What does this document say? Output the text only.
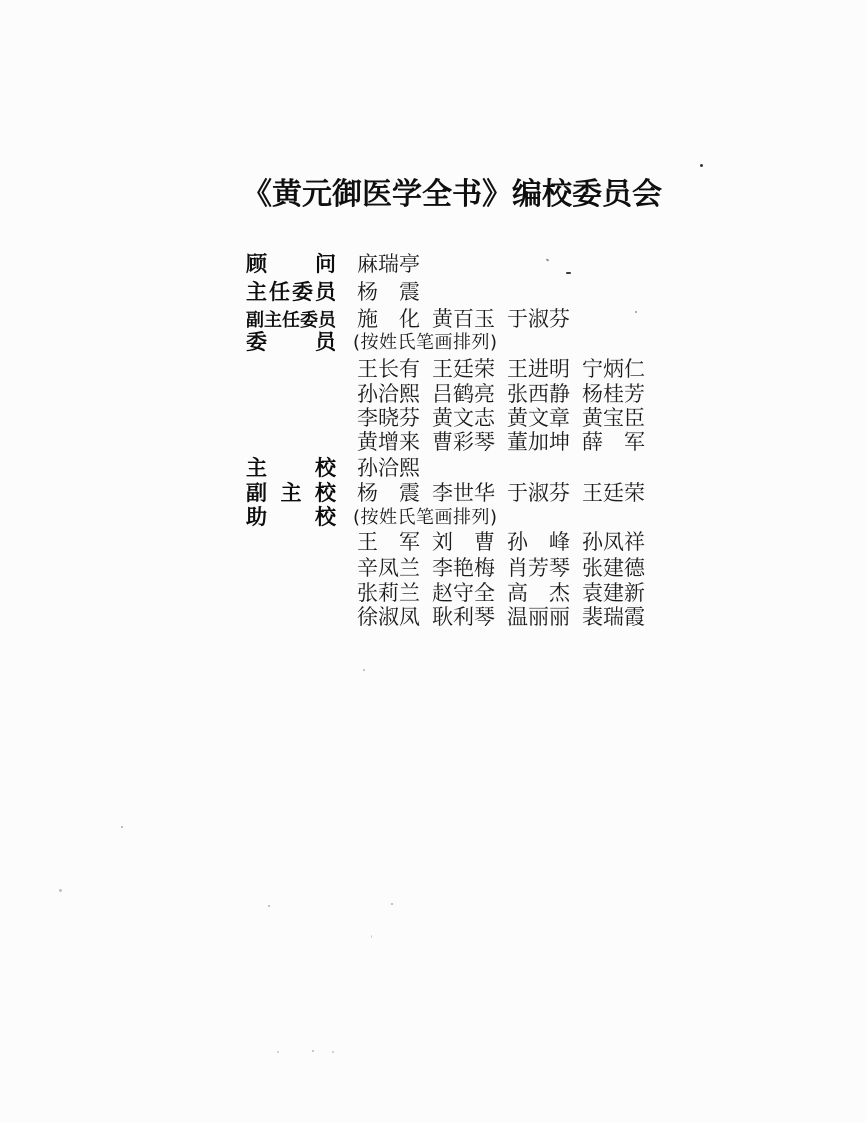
《黄元御医学全书》编校委员会
顾问 麻瑞亭
主任委员 杨震
副主任委员 施化 黄百玉 于淑芬
委员 (按姓氏笔画排列)
王长有 王廷荣 王进明 宁炳仁
孙洽熙 吕鹤亮 张西静 杨桂芳
李晓芬 黄文志 黄文章 黄宝臣
黄增来 曹彩琴 董加坤 薛军
主校 孙洽熙
副主校 杨震 李世华 于淑芬 王廷荣
助校 (按姓氏笔画排列)
王军 刘曹 孙峰 孙凤祥
辛凤兰 李艳梅 肖芳琴 张建德
张莉兰 赵守全 高杰 袁建新
徐淑凤 耿利琴 温丽丽 裴瑞霞
